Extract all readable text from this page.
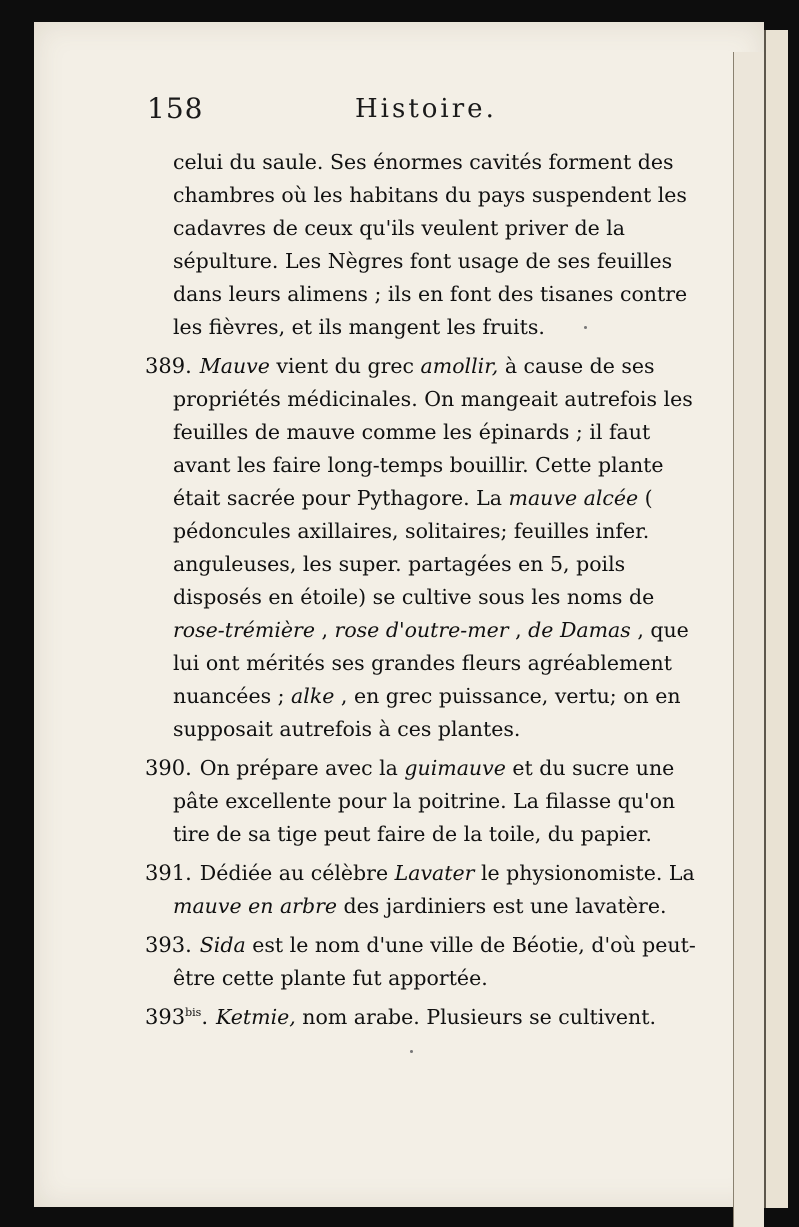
158	Histoire.

celui du saule. Ses énormes cavités forment des chambres où les habitans du pays suspendent les cadavres de ceux qu'ils veulent priver de la sépulture. Les Nègres font usage de ses feuilles dans leurs alimens ; ils en font des tisanes contre les fièvres, et ils mangent les fruits.

389. Mauve vient du grec amollir, à cause de ses propriétés médicinales. On mangeait autrefois les feuilles de mauve comme les épinards ; il faut avant les faire long-temps bouillir. Cette plante était sacrée pour Pythagore. La mauve alcée ( pédoncules axillaires, solitaires; feuilles infer. anguleuses, les super. partagées en 5, poils disposés en étoile) se cultive sous les noms de rose-trémière , rose d'outre-mer , de Damas , que lui ont mérités ses grandes fleurs agréablement nuancées ; alke , en grec puissance, vertu; on en supposait autrefois à ces plantes.
390. On prépare avec la guimauve et du sucre une pâte excellente pour la poitrine. La filasse qu'on tire de sa tige peut faire de la toile, du papier.
391. Dédiée au célèbre Lavater le physionomiste. La mauve en arbre des jardiniers est une lavatère.
393. Sida est le nom d'une ville de Béotie, d'où peut-être cette plante fut apportée.
$393^{bis}$. Ketmie, nom arabe. Plusieurs se cultivent.
